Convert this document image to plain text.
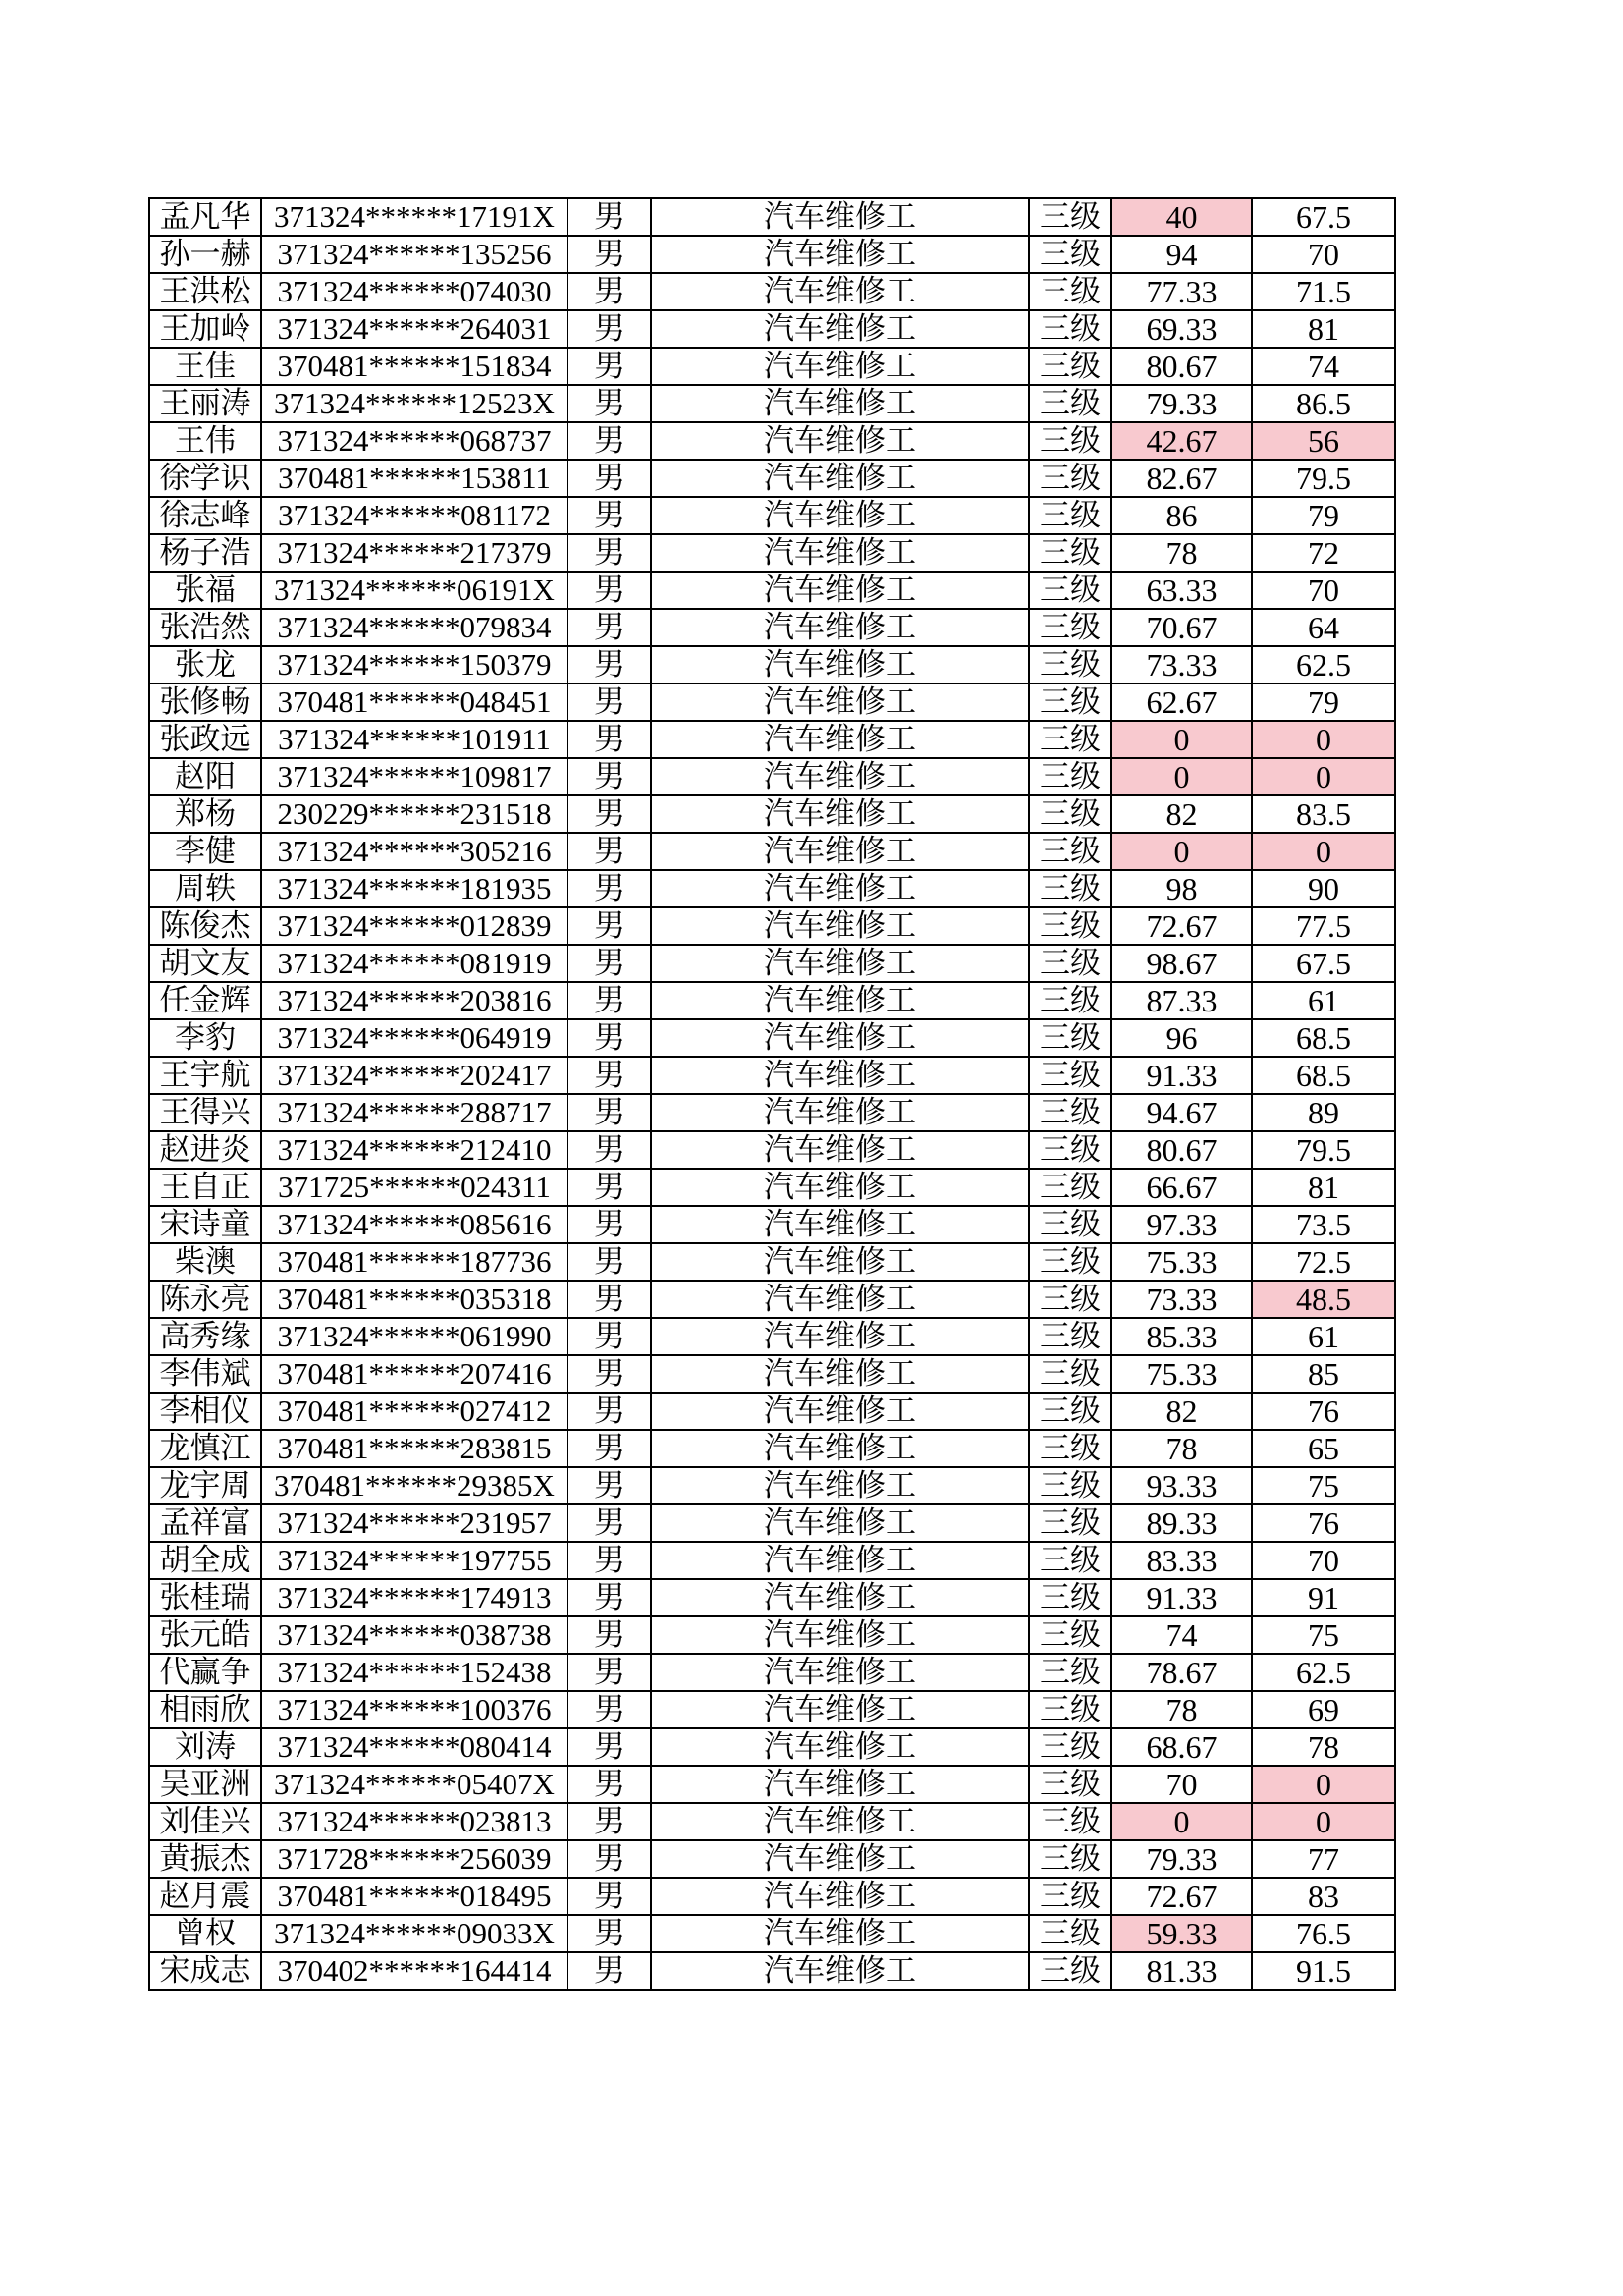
孟凡华	371324******17191X	男	汽车维修工	三级	40	67.5
孙一赫	371324******135256	男	汽车维修工	三级	94	70
王洪松	371324******074030	男	汽车维修工	三级	77.33	71.5
王加岭	371324******264031	男	汽车维修工	三级	69.33	81
王佳	370481******151834	男	汽车维修工	三级	80.67	74
王丽涛	371324******12523X	男	汽车维修工	三级	79.33	86.5
王伟	371324******068737	男	汽车维修工	三级	42.67	56
徐学识	370481******153811	男	汽车维修工	三级	82.67	79.5
徐志峰	371324******081172	男	汽车维修工	三级	86	79
杨子浩	371324******217379	男	汽车维修工	三级	78	72
张福	371324******06191X	男	汽车维修工	三级	63.33	70
张浩然	371324******079834	男	汽车维修工	三级	70.67	64
张龙	371324******150379	男	汽车维修工	三级	73.33	62.5
张修畅	370481******048451	男	汽车维修工	三级	62.67	79
张政远	371324******101911	男	汽车维修工	三级	0	0
赵阳	371324******109817	男	汽车维修工	三级	0	0
郑杨	230229******231518	男	汽车维修工	三级	82	83.5
李健	371324******305216	男	汽车维修工	三级	0	0
周轶	371324******181935	男	汽车维修工	三级	98	90
陈俊杰	371324******012839	男	汽车维修工	三级	72.67	77.5
胡文友	371324******081919	男	汽车维修工	三级	98.67	67.5
任金辉	371324******203816	男	汽车维修工	三级	87.33	61
李豹	371324******064919	男	汽车维修工	三级	96	68.5
王宇航	371324******202417	男	汽车维修工	三级	91.33	68.5
王得兴	371324******288717	男	汽车维修工	三级	94.67	89
赵进炎	371324******212410	男	汽车维修工	三级	80.67	79.5
王自正	371725******024311	男	汽车维修工	三级	66.67	81
宋诗童	371324******085616	男	汽车维修工	三级	97.33	73.5
柴澳	370481******187736	男	汽车维修工	三级	75.33	72.5
陈永亮	370481******035318	男	汽车维修工	三级	73.33	48.5
高秀缘	371324******061990	男	汽车维修工	三级	85.33	61
李伟斌	370481******207416	男	汽车维修工	三级	75.33	85
李相仪	370481******027412	男	汽车维修工	三级	82	76
龙慎江	370481******283815	男	汽车维修工	三级	78	65
龙宇周	370481******29385X	男	汽车维修工	三级	93.33	75
孟祥富	371324******231957	男	汽车维修工	三级	89.33	76
胡全成	371324******197755	男	汽车维修工	三级	83.33	70
张桂瑞	371324******174913	男	汽车维修工	三级	91.33	91
张元皓	371324******038738	男	汽车维修工	三级	74	75
代赢争	371324******152438	男	汽车维修工	三级	78.67	62.5
相雨欣	371324******100376	男	汽车维修工	三级	78	69
刘涛	371324******080414	男	汽车维修工	三级	68.67	78
吴亚洲	371324******05407X	男	汽车维修工	三级	70	0
刘佳兴	371324******023813	男	汽车维修工	三级	0	0
黄振杰	371728******256039	男	汽车维修工	三级	79.33	77
赵月震	370481******018495	男	汽车维修工	三级	72.67	83
曾权	371324******09033X	男	汽车维修工	三级	59.33	76.5
宋成志	370402******164414	男	汽车维修工	三级	81.33	91.5
